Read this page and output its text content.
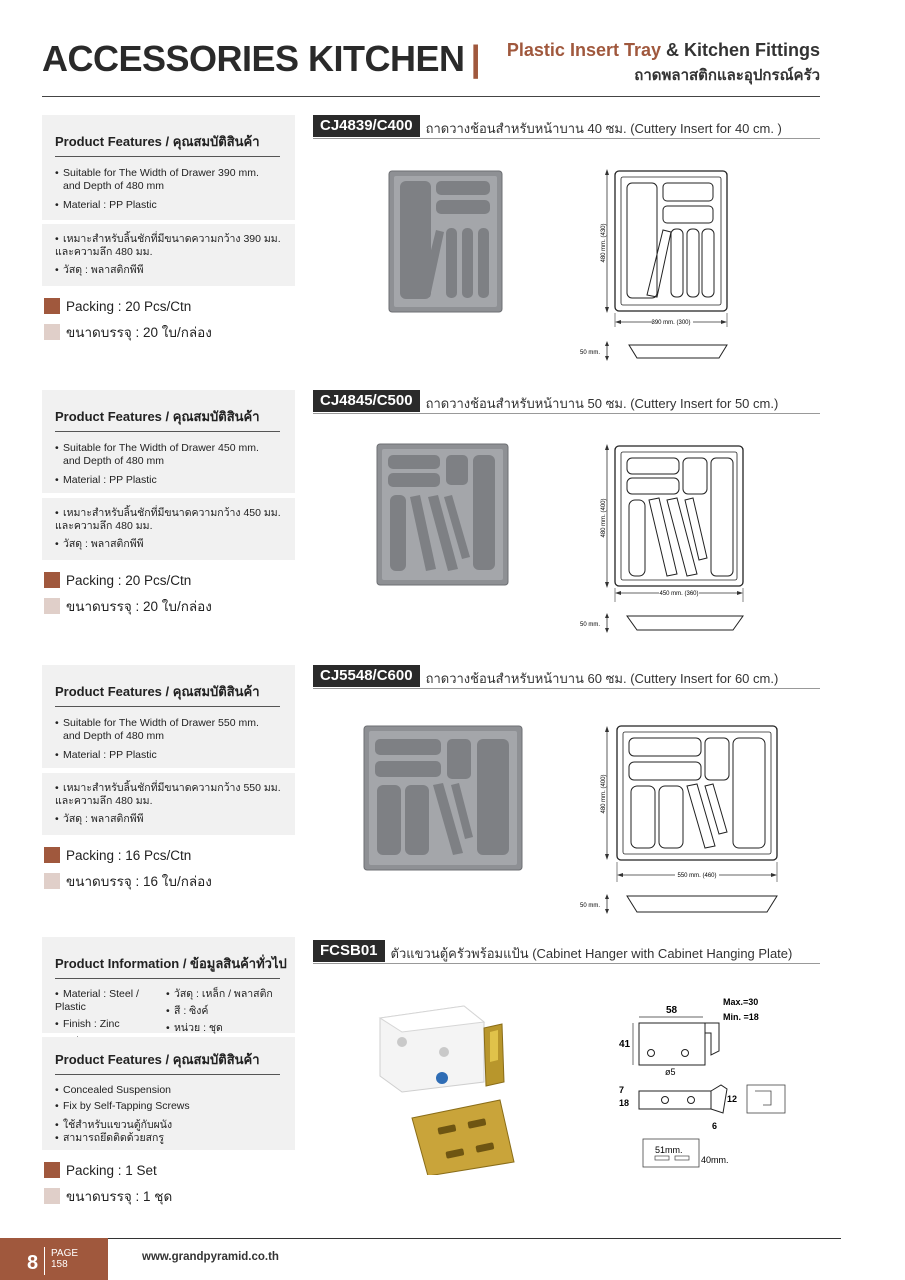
ACCESSORIES KITCHEN | Plastic Insert Tray & Kitchen Fittings
ถาดพลาสติกและอุปกรณ์ครัว
Product Features / คุณสมบัติสินค้า
• Suitable for The Width of Drawer 390 mm.
and Depth of 480 mm
• Material : PP Plastic
• เหมาะสำหรับลิ้นชักที่มีขนาดความกว้าง 390 มม.
และความลึก 480 มม.
• วัสดุ : พลาสติกพีพี
Packing : 20 Pcs/Ctn
ขนาดบรรจุ : 20 ใบ/กล่อง
CJ4839/C400	ถาดวางช้อนสำหรับหน้าบาน 40 ซม. (Cuttery Insert for 40 cm. )
480 mm. (430)
390 mm. (300)
50 mm.
Product Features / คุณสมบัติสินค้า
• Suitable for The Width of Drawer 450 mm.
and Depth of 480 mm
• Material : PP Plastic
• เหมาะสำหรับลิ้นชักที่มีขนาดความกว้าง 450 มม.
และความลึก 480 มม.
• วัสดุ : พลาสติกพีพี
Packing : 20 Pcs/Ctn
ขนาดบรรจุ : 20 ใบ/กล่อง
CJ4845/C500	ถาดวางช้อนสำหรับหน้าบาน 50 ซม. (Cuttery Insert for 50 cm.)
480 mm. (400)
450 mm. (360)
50 mm.
Product Features / คุณสมบัติสินค้า
• Suitable for The Width of Drawer 550 mm.
and Depth of 480 mm
• Material : PP Plastic
• เหมาะสำหรับลิ้นชักที่มีขนาดความกว้าง 550 มม.
และความลึก 480 มม.
• วัสดุ : พลาสติกพีพี
Packing : 16 Pcs/Ctn
ขนาดบรรจุ : 16 ใบ/กล่อง
CJ5548/C600	ถาดวางช้อนสำหรับหน้าบาน 60 ซม. (Cuttery Insert for 60 cm.)
480 mm. (400)
550 mm. (460)
50 mm.
Product Information / ข้อมูลสินค้าทั่วไป
• Material : Steel / Plastic
• Finish : Zinc
• วัสดุ : เหล็ก / พลาสติก
• สี : ซิงค์
• หน่วย : ชุด
Product Features / คุณสมบัติสินค้า
• Concealed Suspension
• Fix by Self-Tapping Screws
• ใช้สำหรับแขวนตู้กับผนัง
• สามารถยึดติดด้วยสกรู
Packing : 1 Set
ขนาดบรรจุ : 1 ชุด
FCSB01	ตัวแขวนตู้ครัวพร้อมแป้น (Cabinet Hanger with Cabinet Hanging Plate)
58
Max.=30
Min. =18
41
ø5
7
18	12
6
51mm.
40mm.
8 PAGE
158
www.grandpyramid.co.th
